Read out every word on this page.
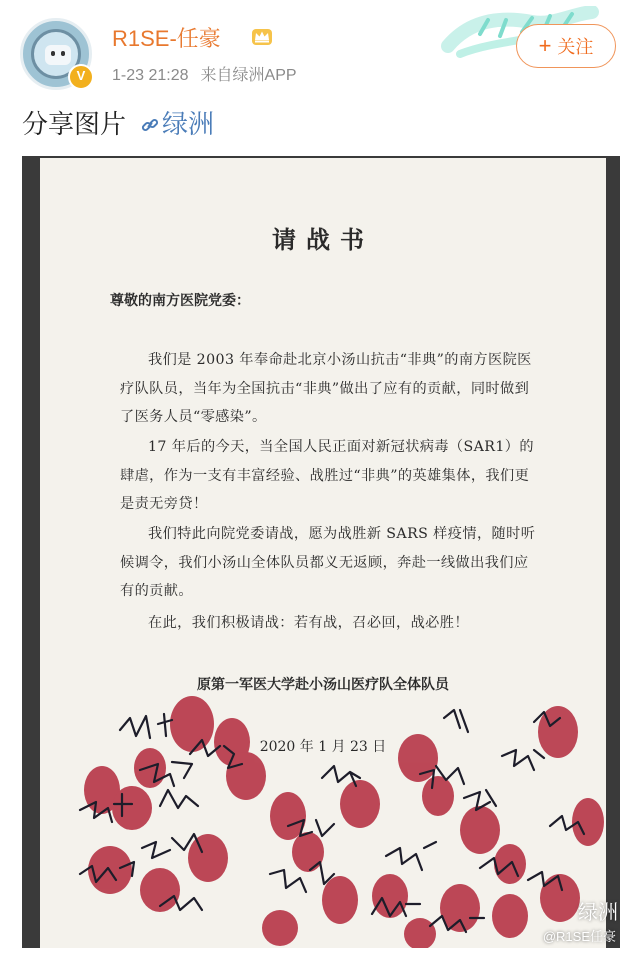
V
R1SE-任豪
1-23 21:28 来自绿洲APP
+ 关注
分享图片 绿洲
请战书
尊敬的南方医院党委：
我们是 2003 年奉命赴北京小汤山抗击“非典”的南方医院医疗队队员，当年为全国抗击“非典”做出了应有的贡献，同时做到了医务人员“零感染”。
17 年后的今天，当全国人民正面对新冠状病毒（SAR1）的肆虐，作为一支有丰富经验、战胜过“非典”的英雄集体，我们更是责无旁贷！
我们特此向院党委请战，愿为战胜新 SARS 样疫情，随时听候调令，我们小汤山全体队员都义无返顾，奔赴一线做出我们应有的贡献。
在此，我们积极请战：若有战，召必回，战必胜！
原第一军医大学赴小汤山医疗队全体队员
2020 年 1 月 23 日
绿洲
@R1SE任豪
